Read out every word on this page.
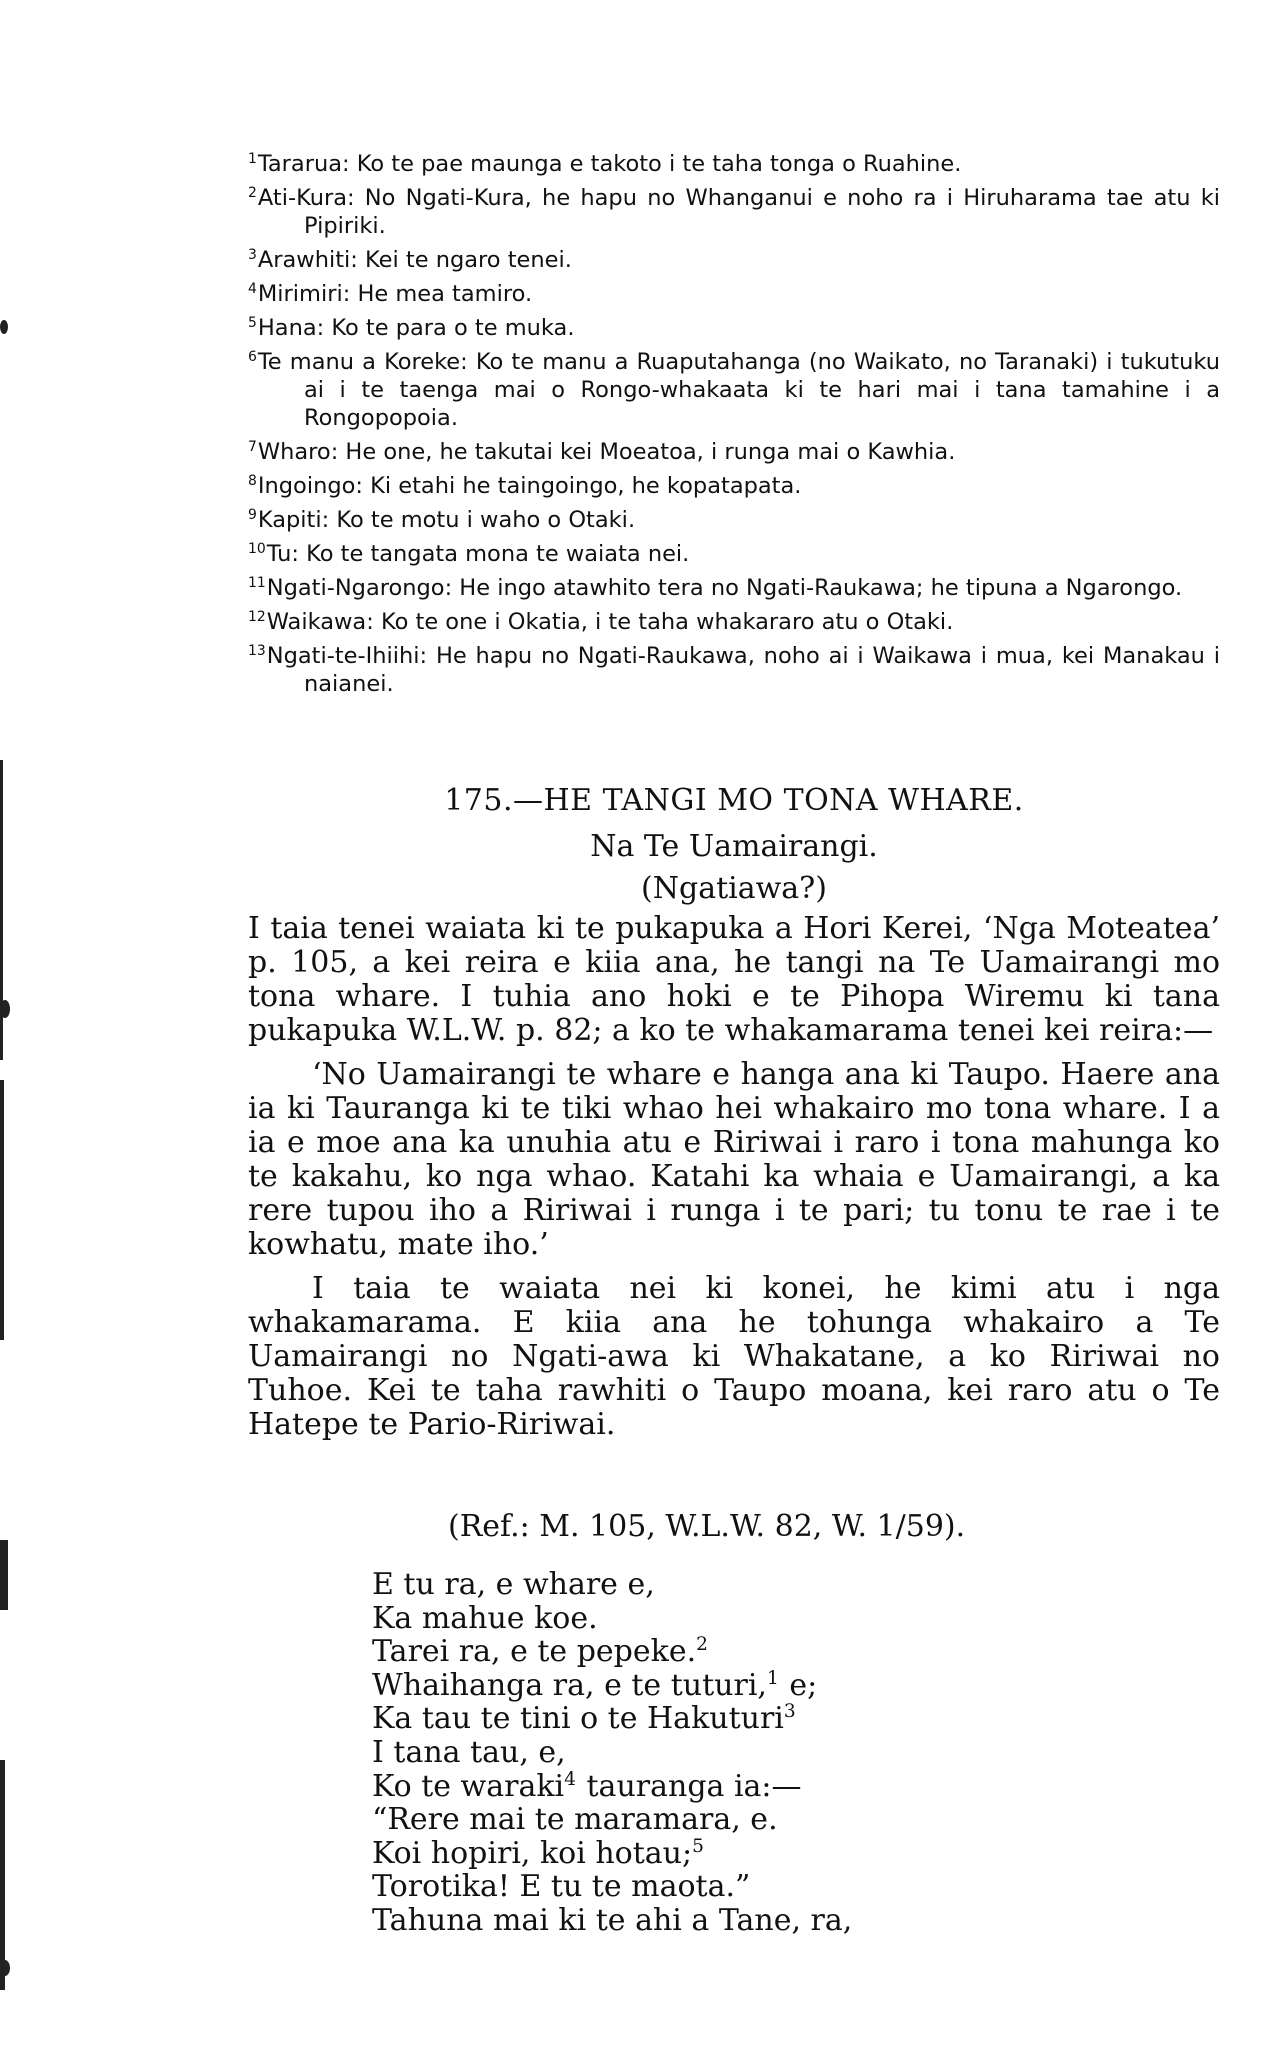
$^1$Tararua: Ko te pae maunga e takoto i te taha tonga o Ruahine.
$^2$Ati-Kura: No Ngati-Kura, he hapu no Whanganui e noho ra i Hiruharama tae atu ki Pipiriki.
$^3$Arawhiti: Kei te ngaro tenei.
$^4$Mirimiri: He mea tamiro.
$^5$Hana: Ko te para o te muka.
$^6$Te manu a Koreke: Ko te manu a Ruaputahanga (no Waikato, no Taranaki) i tukutuku ai i te taenga mai o Rongo-whakaata ki te hari mai i tana tamahine i a Rongopopoia.
$^7$Wharo: He one, he takutai kei Moeatoa, i runga mai o Kawhia.
$^8$Ingoingo: Ki etahi he taingoingo, he kopatapata.
$^9$Kapiti: Ko te motu i waho o Otaki.
$^{10}$Tu: Ko te tangata mona te waiata nei.
$^{11}$Ngati-Ngarongo: He ingo atawhito tera no Ngati-Raukawa; he tipuna a Ngarongo.
$^{12}$Waikawa: Ko te one i Okatia, i te taha whakararo atu o Otaki.
$^{13}$Ngati-te-Ihiihi: He hapu no Ngati-Raukawa, noho ai i Waikawa i mua, kei Manakau i naianei.
175.—HE TANGI MO TONA WHARE.
Na Te Uamairangi.
(Ngatiawa?)

I taia tenei waiata ki te pukapuka a Hori Kerei, ‘Nga Moteatea’ p. 105, a kei reira e kiia ana, he tangi na Te Uamairangi mo tona whare. I tuhia ano hoki e te Pihopa Wiremu ki tana pukapuka W.L.W. p. 82; a ko te whakamarama tenei kei reira:—

‘No Uamairangi te whare e hanga ana ki Taupo. Haere ana ia ki Tauranga ki te tiki whao hei whakairo mo tona whare. I a ia e moe ana ka unuhia atu e Ririwai i raro i tona mahunga ko te kakahu, ko nga whao. Katahi ka whaia e Uamairangi, a ka rere tupou iho a Ririwai i runga i te pari; tu tonu te rae i te kowhatu, mate iho.’

I taia te waiata nei ki konei, he kimi atu i nga whakamarama. E kiia ana he tohunga whakairo a Te Uamairangi no Ngati-awa ki Whakatane, a ko Ririwai no Tuhoe. Kei te taha rawhiti o Taupo moana, kei raro atu o Te Hatepe te Pario-Ririwai.

(Ref.: M. 105, W.L.W. 82, W. 1/59).
E tu ra, e whare e,
Ka mahue koe.
Tarei ra, e te pepeke.$^2$
Whaihanga ra, e te tuturi,$^1$ e;
Ka tau te tini o te Hakuturi$^3$
I tana tau, e,
Ko te waraki$^4$ tauranga ia:—
“Rere mai te maramara, e.
Koi hopiri, koi hotau;$^5$
Torotika! E tu te maota.”
Tahuna mai ki te ahi a Tane, ra,
